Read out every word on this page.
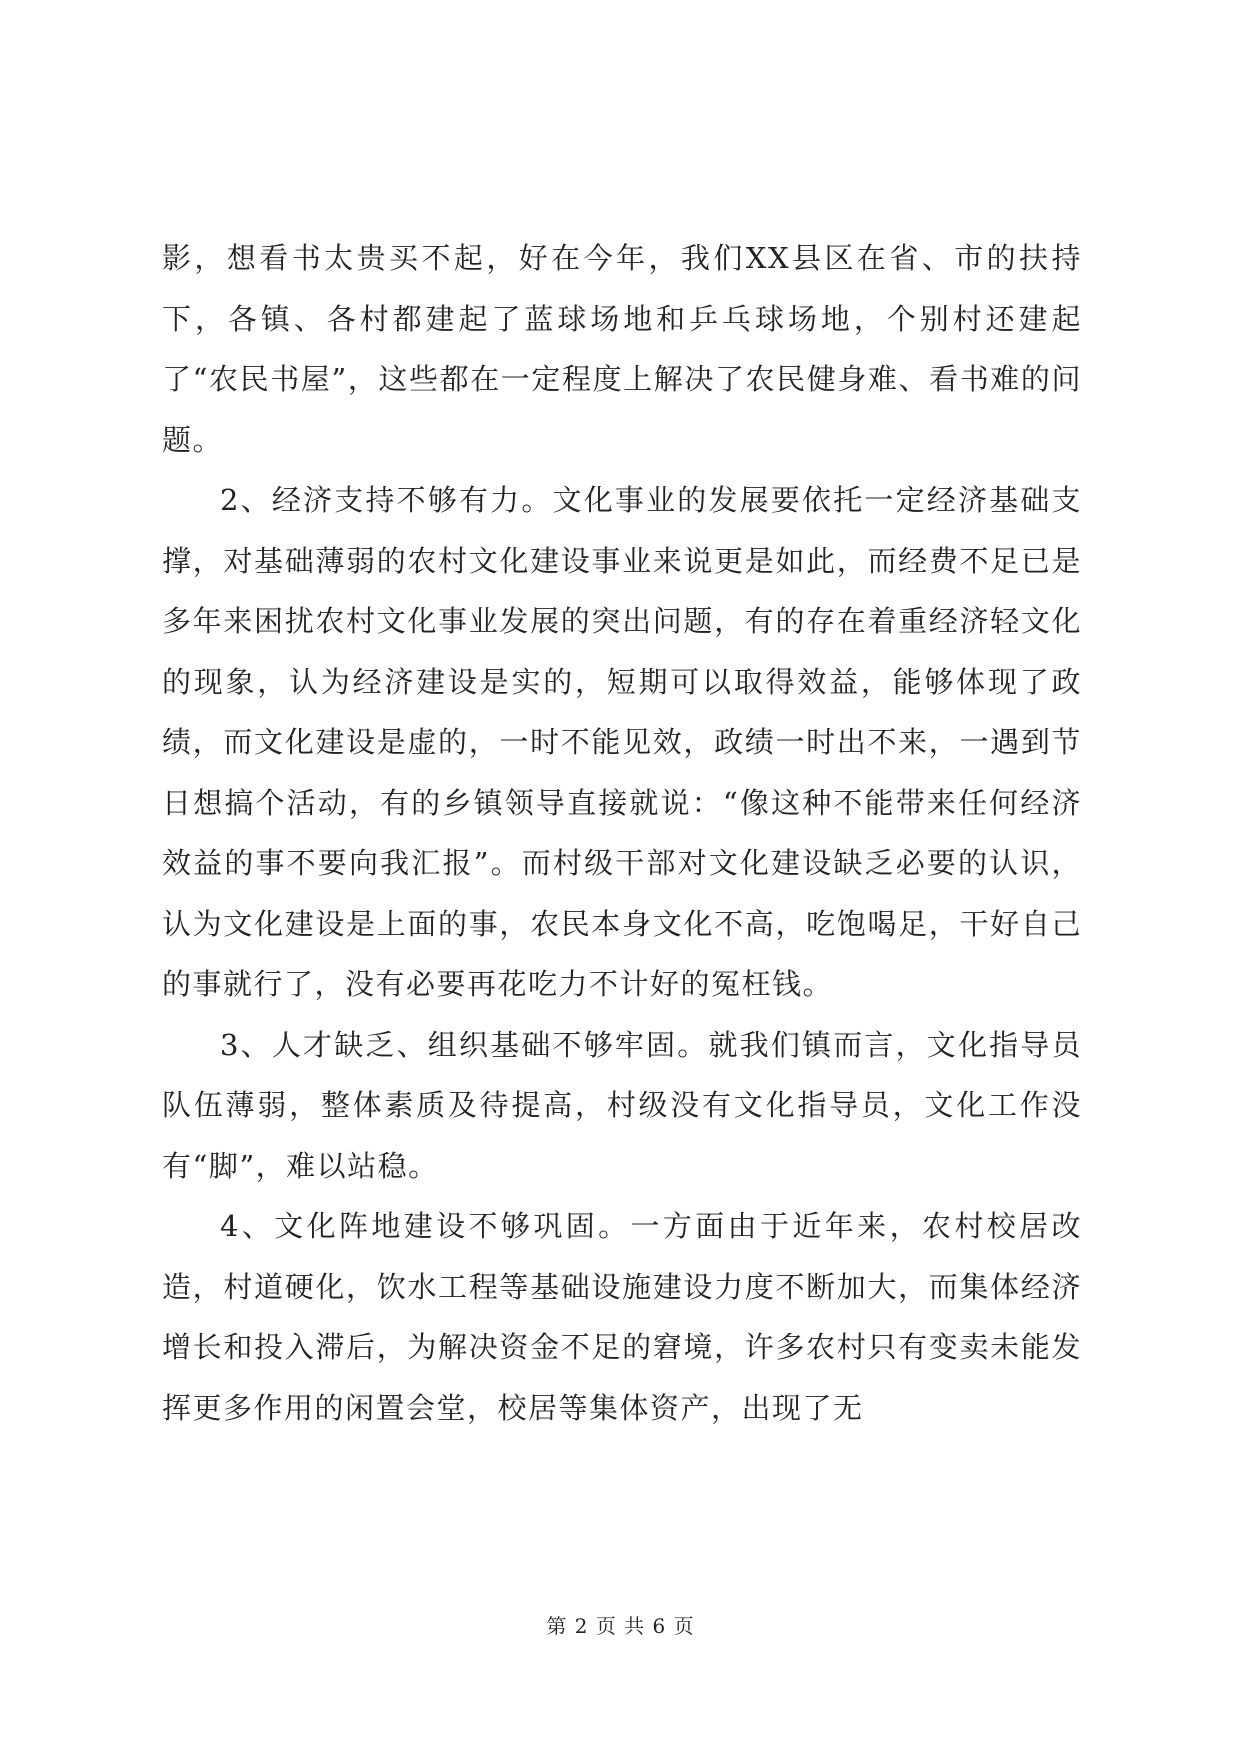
影，想看书太贵买不起，好在今年，我们XX县区在省、市的扶持下，各镇、各村都建起了蓝球场地和乒乓球场地，个别村还建起了“农民书屋”，这些都在一定程度上解决了农民健身难、看书难的问题。

2、经济支持不够有力。文化事业的发展要依托一定经济基础支撑，对基础薄弱的农村文化建设事业来说更是如此，而经费不足已是多年来困扰农村文化事业发展的突出问题，有的存在着重经济轻文化的现象，认为经济建设是实的，短期可以取得效益，能够体现了政绩，而文化建设是虚的，一时不能见效，政绩一时出不来，一遇到节日想搞个活动，有的乡镇领导直接就说：“像这种不能带来任何经济效益的事不要向我汇报”。而村级干部对文化建设缺乏必要的认识，认为文化建设是上面的事，农民本身文化不高，吃饱喝足，干好自己的事就行了，没有必要再花吃力不计好的冤枉钱。

3、人才缺乏、组织基础不够牢固。就我们镇而言，文化指导员队伍薄弱，整体素质及待提高，村级没有文化指导员，文化工作没有“脚”，难以站稳。

4、文化阵地建设不够巩固。一方面由于近年来，农村校居改造，村道硬化，饮水工程等基础设施建设力度不断加大，而集体经济增长和投入滞后，为解决资金不足的窘境，许多农村只有变卖未能发挥更多作用的闲置会堂，校居等集体资产，出现了无

第 2 页 共 6 页
